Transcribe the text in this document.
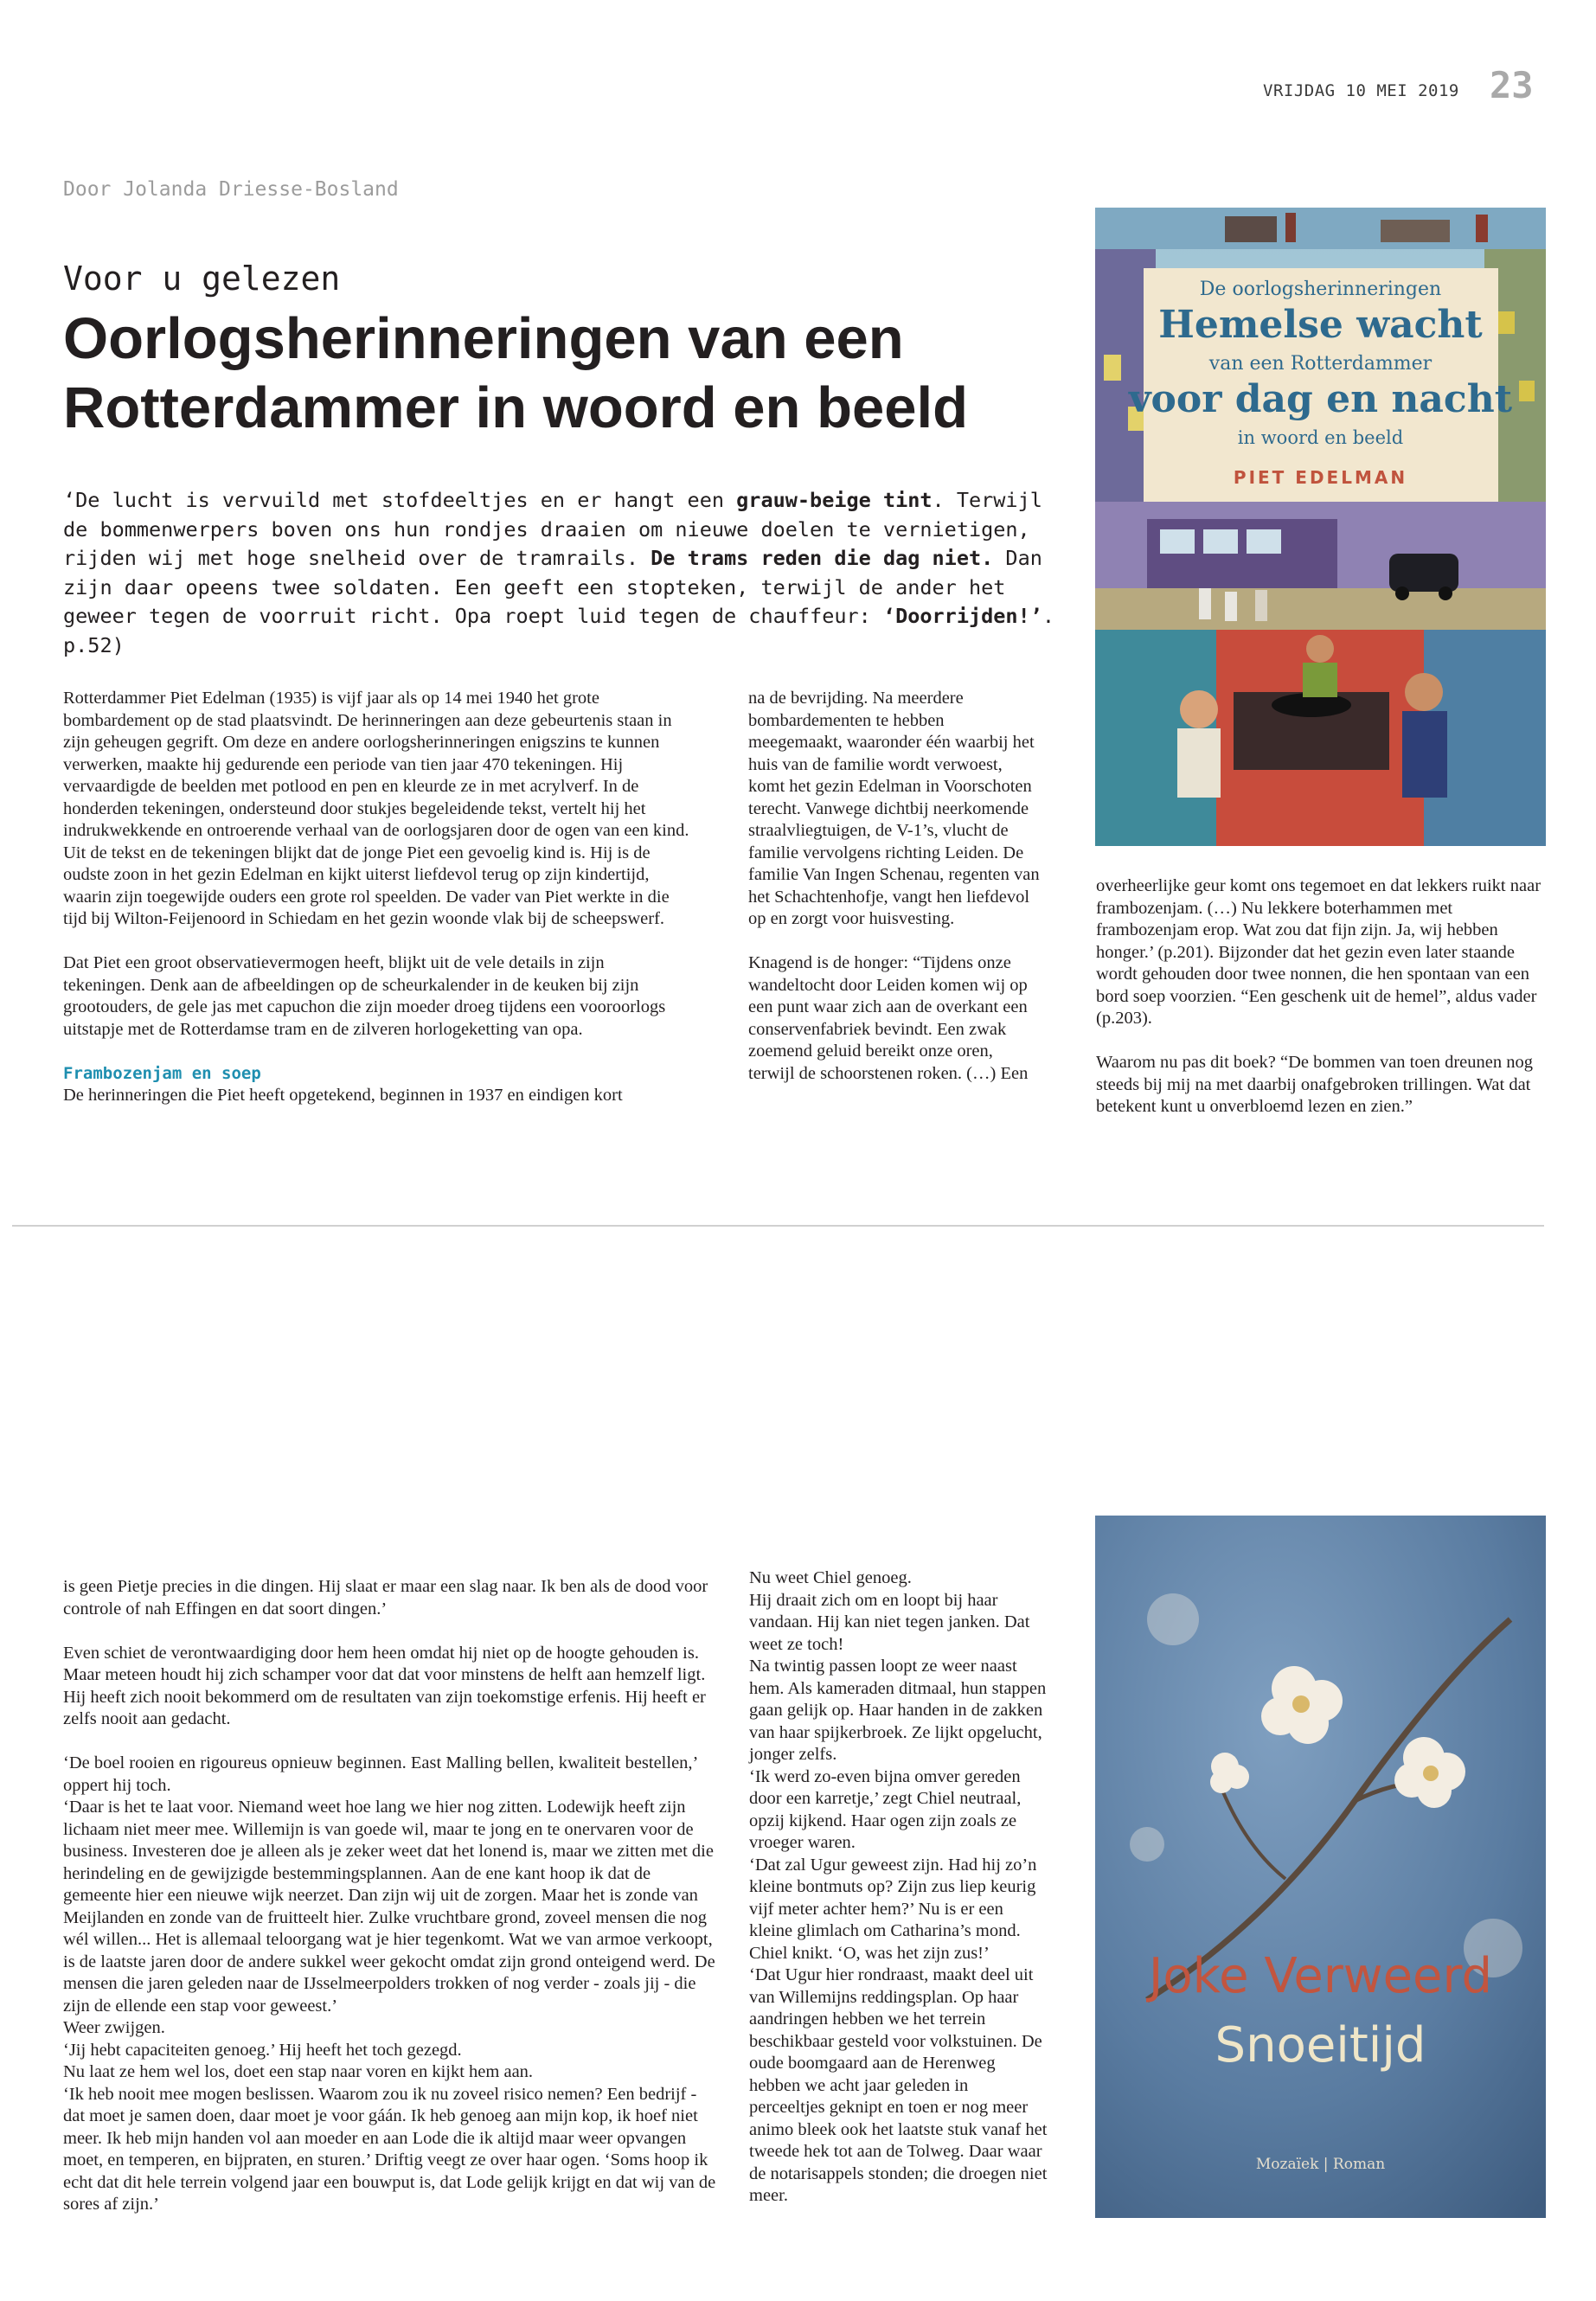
VRIJDAG 10 MEI 2019 23
Door Jolanda Driesse-Bosland
Voor u gelezen
Oorlogsherinneringen van een Rotterdammer in woord en beeld
‘De lucht is vervuild met stofdeeltjes en er hangt een grauw-beige tint. Terwijl de bommenwerpers boven ons hun rondjes draaien om nieuwe doelen te vernietigen, rijden wij met hoge snelheid over de tramrails. De trams reden die dag niet. Dan zijn daar opeens twee soldaten. Een geeft een stopteken, terwijl de ander het geweer tegen de voorruit richt. Opa roept luid tegen de chauffeur: ‘Doorrijden!’. p.52)

Rotterdammer Piet Edelman (1935) is vijf jaar als op 14 mei 1940 het grote bombardement op de stad plaatsvindt. De herinneringen aan deze gebeurtenis staan in zijn geheugen gegrift. Om deze en andere oorlogsherinneringen enigszins te kunnen verwerken, maakte hij gedurende een periode van tien jaar 470 tekeningen. Hij vervaardigde de beelden met potlood en pen en kleurde ze in met acrylverf. In de honderden tekeningen, ondersteund door stukjes begeleidende tekst, vertelt hij het indrukwekkende en ontroerende verhaal van de oorlogsjaren door de ogen van een kind. Uit de tekst en de tekeningen blijkt dat de jonge Piet een gevoelig kind is. Hij is de oudste zoon in het gezin Edelman en kijkt uiterst liefdevol terug op zijn kindertijd, waarin zijn toegewijde ouders een grote rol speelden. De vader van Piet werkte in die tijd bij Wilton-Feijenoord in Schiedam en het gezin woonde vlak bij de scheepswerf.

Dat Piet een groot observatievermogen heeft, blijkt uit de vele details in zijn tekeningen. Denk aan de afbeeldingen op de scheurkalender in de keuken bij zijn grootouders, de gele jas met capuchon die zijn moeder droeg tijdens een vooroorlogs uitstapje met de Rotterdamse tram en de zilveren horlogeketting van opa.

Frambozenjam en soep

De herinneringen die Piet heeft opgetekend, beginnen in 1937 en eindigen kort

na de bevrijding. Na meerdere bombardementen te hebben meegemaakt, waaronder één waarbij het huis van de familie wordt verwoest, komt het gezin Edelman in Voorschoten terecht. Vanwege dichtbij neerkomende straalvliegtuigen, de V-1’s, vlucht de familie vervolgens richting Leiden. De familie Van Ingen Schenau, regenten van het Schachtenhofje, vangt hen liefdevol op en zorgt voor huisvesting.

Knagend is de honger: “Tijdens onze wandeltocht door Leiden komen wij op een punt waar zich aan de overkant een conservenfabriek bevindt. Een zwak zoemend geluid bereikt onze oren, terwijl de schoorstenen roken. (…) Een

overheerlijke geur komt ons tegemoet en dat lekkers ruikt naar frambozenjam. (…) Nu lekkere boterhammen met frambozenjam erop. Wat zou dat fijn zijn. Ja, wij hebben honger.’ (p.201). Bijzonder dat het gezin even later staande wordt gehouden door twee nonnen, die hen spontaan van een bord soep voorzien. “Een geschenk uit de hemel”, aldus vader (p.203).

Waarom nu pas dit boek? “De bommen van toen dreunen nog steeds bij mij na met daarbij onafgebroken trillingen. Wat dat betekent kunt u onverbloemd lezen en zien.”

De oorlogsherinneringen
Hemelse wacht
van een Rotterdammer
voor dag en nacht
in woord en beeld
PIET EDELMAN

is geen Pietje precies in die dingen. Hij slaat er maar een slag naar. Ik ben als de dood voor controle of nah Effingen en dat soort dingen.’

Even schiet de verontwaardiging door hem heen omdat hij niet op de hoogte gehouden is. Maar meteen houdt hij zich schamper voor dat dat voor minstens de helft aan hemzelf ligt. Hij heeft zich nooit bekommerd om de resultaten van zijn toekomstige erfenis. Hij heeft er zelfs nooit aan gedacht.

‘De boel rooien en rigoureus opnieuw beginnen. East Malling bellen, kwaliteit bestellen,’ oppert hij toch.
‘Daar is het te laat voor. Niemand weet hoe lang we hier nog zitten. Lodewijk heeft zijn lichaam niet meer mee. Willemijn is van goede wil, maar te jong en te onervaren voor de business. Investeren doe je alleen als je zeker weet dat het lonend is, maar we zitten met die herindeling en de gewijzigde bestemmingsplannen. Aan de ene kant hoop ik dat de gemeente hier een nieuwe wijk neerzet. Dan zijn wij uit de zorgen. Maar het is zonde van Meijlanden en zonde van de fruitteelt hier. Zulke vruchtbare grond, zoveel mensen die nog wél willen... Het is allemaal teloorgang wat je hier tegenkomt. Wat we van armoe verkoopt, is de laatste jaren door de andere sukkel weer gekocht omdat zijn grond onteigend werd. De mensen die jaren geleden naar de IJsselmeerpolders trokken of nog verder - zoals jij - die zijn de ellende een stap voor geweest.’
Weer zwijgen.
‘Jij hebt capaciteiten genoeg.’ Hij heeft het toch gezegd.
Nu laat ze hem wel los, doet een stap naar voren en kijkt hem aan.
‘Ik heb nooit mee mogen beslissen. Waarom zou ik nu zoveel risico nemen? Een bedrijf - dat moet je samen doen, daar moet je voor gáán. Ik heb genoeg aan mijn kop, ik hoef niet meer. Ik heb mijn handen vol aan moeder en aan Lode die ik altijd maar weer opvangen moet, en temperen, en bijpraten, en sturen.’ Driftig veegt ze over haar ogen. ‘Soms hoop ik echt dat dit hele terrein volgend jaar een bouwput is, dat Lode gelijk krijgt en dat wij van de sores af zijn.’

Nu weet Chiel genoeg.
Hij draait zich om en loopt bij haar vandaan. Hij kan niet tegen janken. Dat weet ze toch!
Na twintig passen loopt ze weer naast hem. Als kameraden ditmaal, hun stappen gaan gelijk op. Haar handen in de zakken van haar spijkerbroek. Ze lijkt opgelucht, jonger zelfs.
‘Ik werd zo-even bijna omver gereden door een karretje,’ zegt Chiel neutraal, opzij kijkend. Haar ogen zijn zoals ze vroeger waren.
‘Dat zal Ugur geweest zijn. Had hij zo’n kleine bontmuts op? Zijn zus liep keurig vijf meter achter hem?’ Nu is er een kleine glimlach om Catharina’s mond.
Chiel knikt. ‘O, was het zijn zus!’
‘Dat Ugur hier rondraast, maakt deel uit van Willemijns reddingsplan. Op haar aandringen hebben we het terrein beschikbaar gesteld voor volkstuinen. De oude boomgaard aan de Herenweg hebben we acht jaar geleden in perceeltjes geknipt en toen er nog meer animo bleek ook het laatste stuk vanaf het tweede hek tot aan de Tolweg. Daar waar de notarisappels stonden; die droegen niet meer.

Joke Verweerd
Snoeitijd
Mozaïek | Roman
